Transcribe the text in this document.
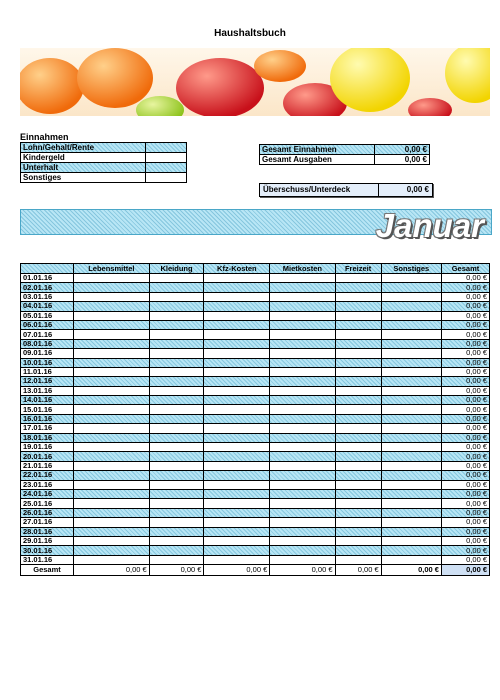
Haushaltsbuch
Einnahmen
Lohn/Gehalt/Rente	
Kindergeld	
Unterhalt	
Sonstiges	
Gesamt Einnahmen	0,00 €
Gesamt Ausgaben	0,00 €
Überschuss/Unterdeck	0,00 €
Januar
	Lebensmittel	Kleidung	Kfz-Kosten	Mietkosten	Freizeit	Sonstiges	Gesamt
01.01.16							0,00 €
02.01.16							0,00 €
03.01.16							0,00 €
04.01.16							0,00 €
05.01.16							0,00 €
06.01.16							0,00 €
07.01.16							0,00 €
08.01.16							0,00 €
09.01.16							0,00 €
10.01.16							0,00 €
11.01.16							0,00 €
12.01.16							0,00 €
13.01.16							0,00 €
14.01.16							0,00 €
15.01.16							0,00 €
16.01.16							0,00 €
17.01.16							0,00 €
18.01.16							0,00 €
19.01.16							0,00 €
20.01.16							0,00 €
21.01.16							0,00 €
22.01.16							0,00 €
23.01.16							0,00 €
24.01.16							0,00 €
25.01.16							0,00 €
26.01.16							0,00 €
27.01.16							0,00 €
28.01.16							0,00 €
29.01.16							0,00 €
30.01.16							0,00 €
31.01.16							0,00 €
Gesamt	0,00 €	0,00 €	0,00 €	0,00 €	0,00 €	0,00 €	0,00 €
